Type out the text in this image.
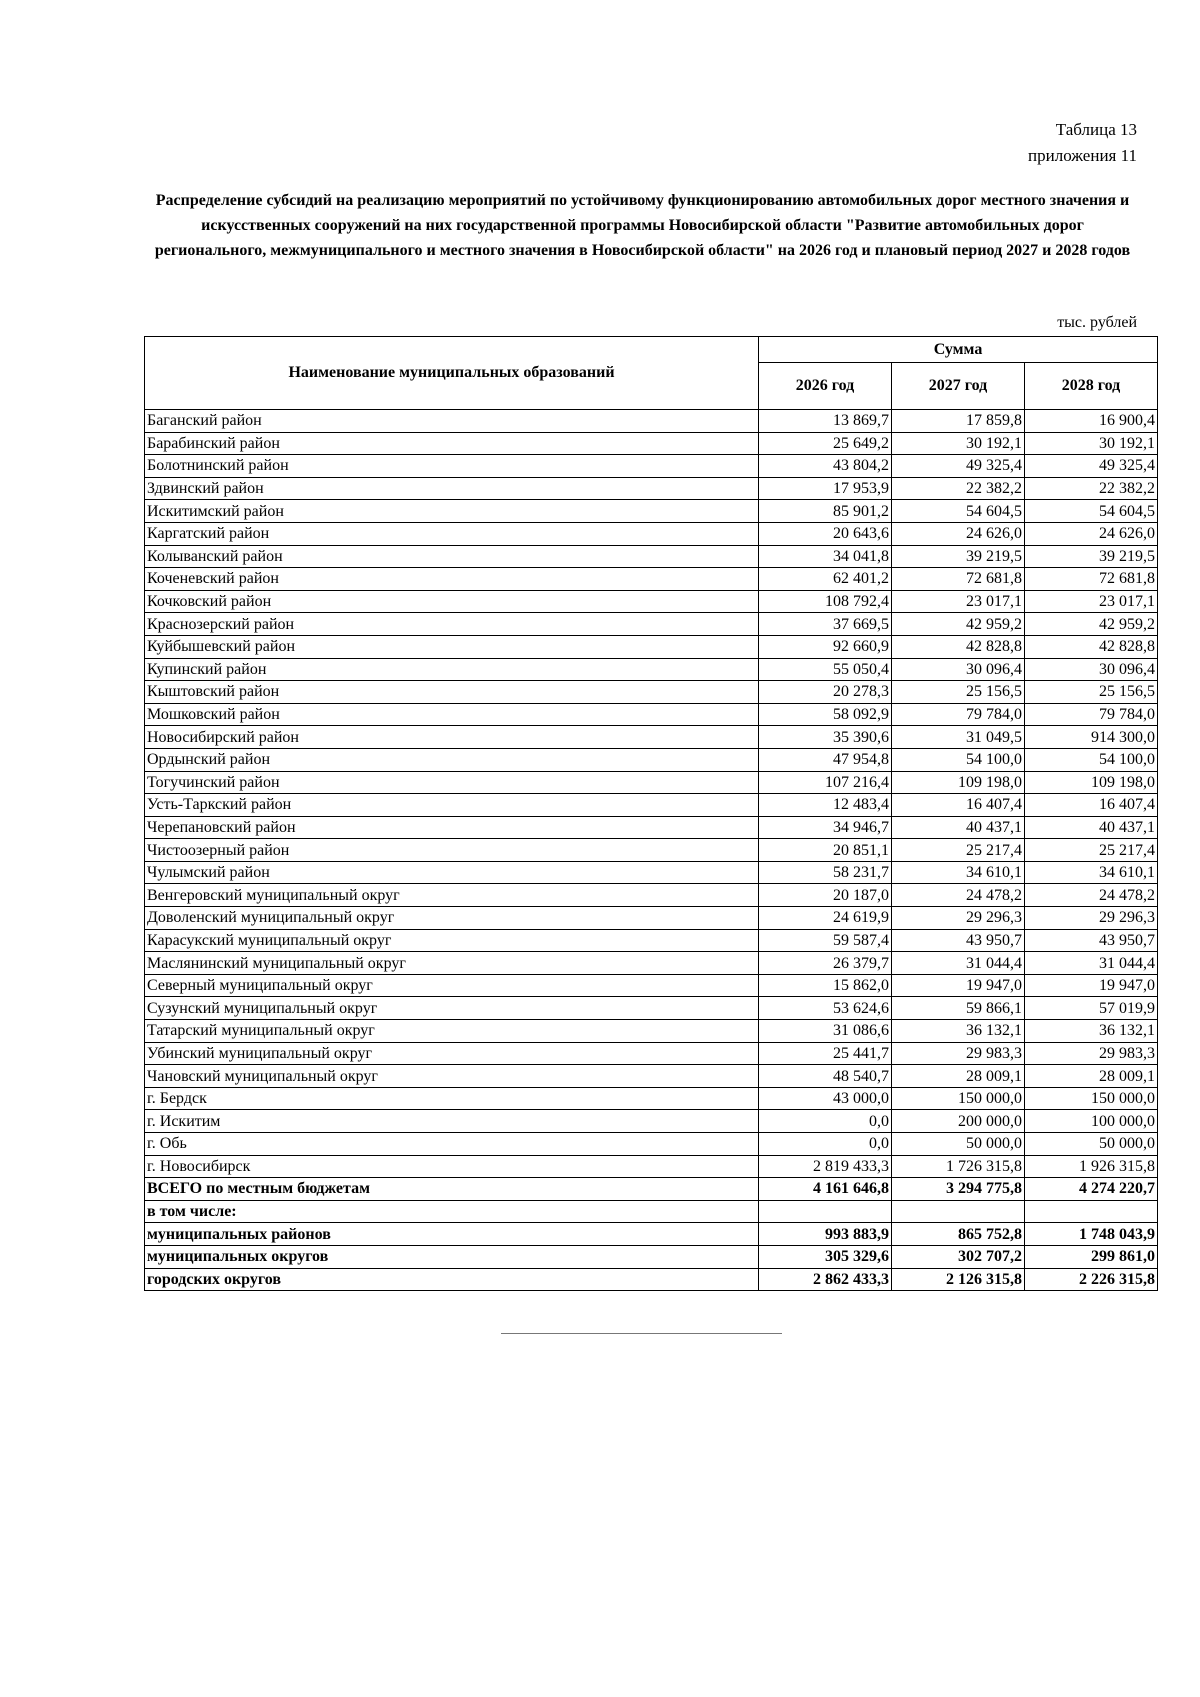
Таблица 13
приложения 11
Распределение субсидий на реализацию мероприятий по устойчивому функционированию автомобильных дорог местного значения и искусственных сооружений на них государственной программы Новосибирской области "Развитие автомобильных дорог регионального, межмуниципального и местного значения в Новосибирской области" на 2026 год и плановый период 2027 и 2028 годов
тыс. рублей
Наименование муниципальных образований	Сумма		
	2026 год	2027 год	2028 год
Баганский район	13 869,7	17 859,8	16 900,4
Барабинский район	25 649,2	30 192,1	30 192,1
Болотнинский район	43 804,2	49 325,4	49 325,4
Здвинский район	17 953,9	22 382,2	22 382,2
Искитимский район	85 901,2	54 604,5	54 604,5
Каргатский район	20 643,6	24 626,0	24 626,0
Колыванский район	34 041,8	39 219,5	39 219,5
Коченевский район	62 401,2	72 681,8	72 681,8
Кочковский район	108 792,4	23 017,1	23 017,1
Краснозерский район	37 669,5	42 959,2	42 959,2
Куйбышевский район	92 660,9	42 828,8	42 828,8
Купинский район	55 050,4	30 096,4	30 096,4
Кыштовский район	20 278,3	25 156,5	25 156,5
Мошковский район	58 092,9	79 784,0	79 784,0
Новосибирский район	35 390,6	31 049,5	914 300,0
Ордынский район	47 954,8	54 100,0	54 100,0
Тогучинский район	107 216,4	109 198,0	109 198,0
Усть-Таркский район	12 483,4	16 407,4	16 407,4
Черепановский район	34 946,7	40 437,1	40 437,1
Чистоозерный район	20 851,1	25 217,4	25 217,4
Чулымский район	58 231,7	34 610,1	34 610,1
Венгеровский муниципальный округ	20 187,0	24 478,2	24 478,2
Доволенский муниципальный округ	24 619,9	29 296,3	29 296,3
Карасукский муниципальный округ	59 587,4	43 950,7	43 950,7
Маслянинский муниципальный округ	26 379,7	31 044,4	31 044,4
Северный муниципальный округ	15 862,0	19 947,0	19 947,0
Сузунский муниципальный округ	53 624,6	59 866,1	57 019,9
Татарский муниципальный округ	31 086,6	36 132,1	36 132,1
Убинский муниципальный округ	25 441,7	29 983,3	29 983,3
Чановский муниципальный округ	48 540,7	28 009,1	28 009,1
г. Бердск	43 000,0	150 000,0	150 000,0
г. Искитим	0,0	200 000,0	100 000,0
г. Обь	0,0	50 000,0	50 000,0
г. Новосибирск	2 819 433,3	1 726 315,8	1 926 315,8
ВСЕГО по местным бюджетам	4 161 646,8	3 294 775,8	4 274 220,7
в том числе:			
муниципальных районов	993 883,9	865 752,8	1 748 043,9
муниципальных округов	305 329,6	302 707,2	299 861,0
городских округов	2 862 433,3	2 126 315,8	2 226 315,8
